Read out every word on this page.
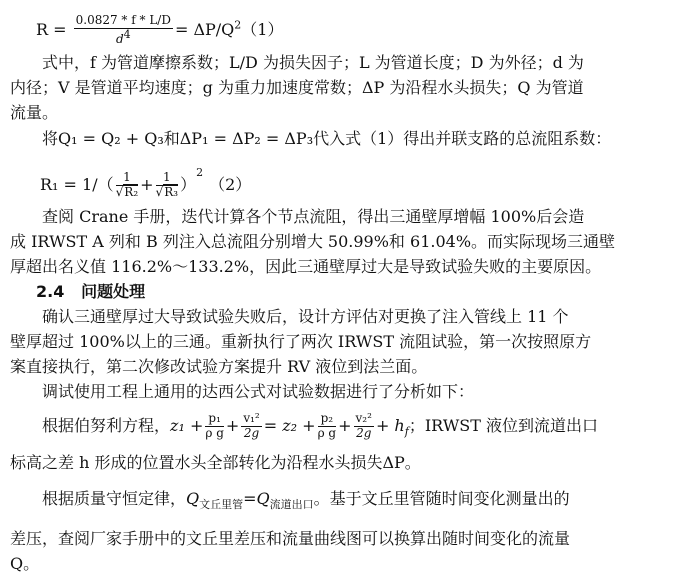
$R = \frac{0.0827 * f * L/D}{d^4} = \Delta P/Q^2(1)$
式中，f 为管道摩擦系数；L/D 为损失因子；L 为管道长度；D 为外径；d 为
内径；V 是管道平均速度；g 为重力加速度常数；ΔP 为沿程水头损失；Q 为管道
流量。
将Q₁ = Q₂ + Q₃和ΔP₁ = ΔP₂ = ΔP₃代入式（1）得出并联支路的总流阻系数：
$R_1 = 1/( \frac{1}{\text{√R₂}} + \frac{1}{\text{√R₃}} )^2(2)$
查阅 Crane 手册，迭代计算各个节点流阻，得出三通壁厚增幅 100%后会造
成 IRWST A 列和 B 列注入总流阻分别增大 50.99%和 61.04%。而实际现场三通壁
厚超出名义值 116.2%～133.2%，因此三通壁厚过大是导致试验失败的主要原因。
2.4 问题处理
确认三通壁厚过大导致试验失败后，设计方评估对更换了注入管线上 11 个
壁厚超过 100%以上的三通。重新执行了两次 IRWST 流阻试验，第一次按照原方
案直接执行，第二次修改试验方案提升 RV 液位到法兰面。
调试使用工程上通用的达西公式对试验数据进行了分析如下：
根据伯努利方程，$z_1 + \frac{\text{p₁}}{\text{ρ g}} + \frac{\text{v₁²}}{2g} = z_2 + \frac{\text{p₂}}{\text{ρ g}} + \frac{\text{v₂²}}{2g} + h_f$；IRWST 液位到流道出口
标高之差 h 形成的位置水头全部转化为沿程水头损失ΔP。
根据质量守恒定律，$Q_{文丘里管}=Q_{流道出口}$。基于文丘里管随时间变化测量出的
差压，查阅厂家手册中的文丘里差压和流量曲线图可以换算出随时间变化的流量
Q。
